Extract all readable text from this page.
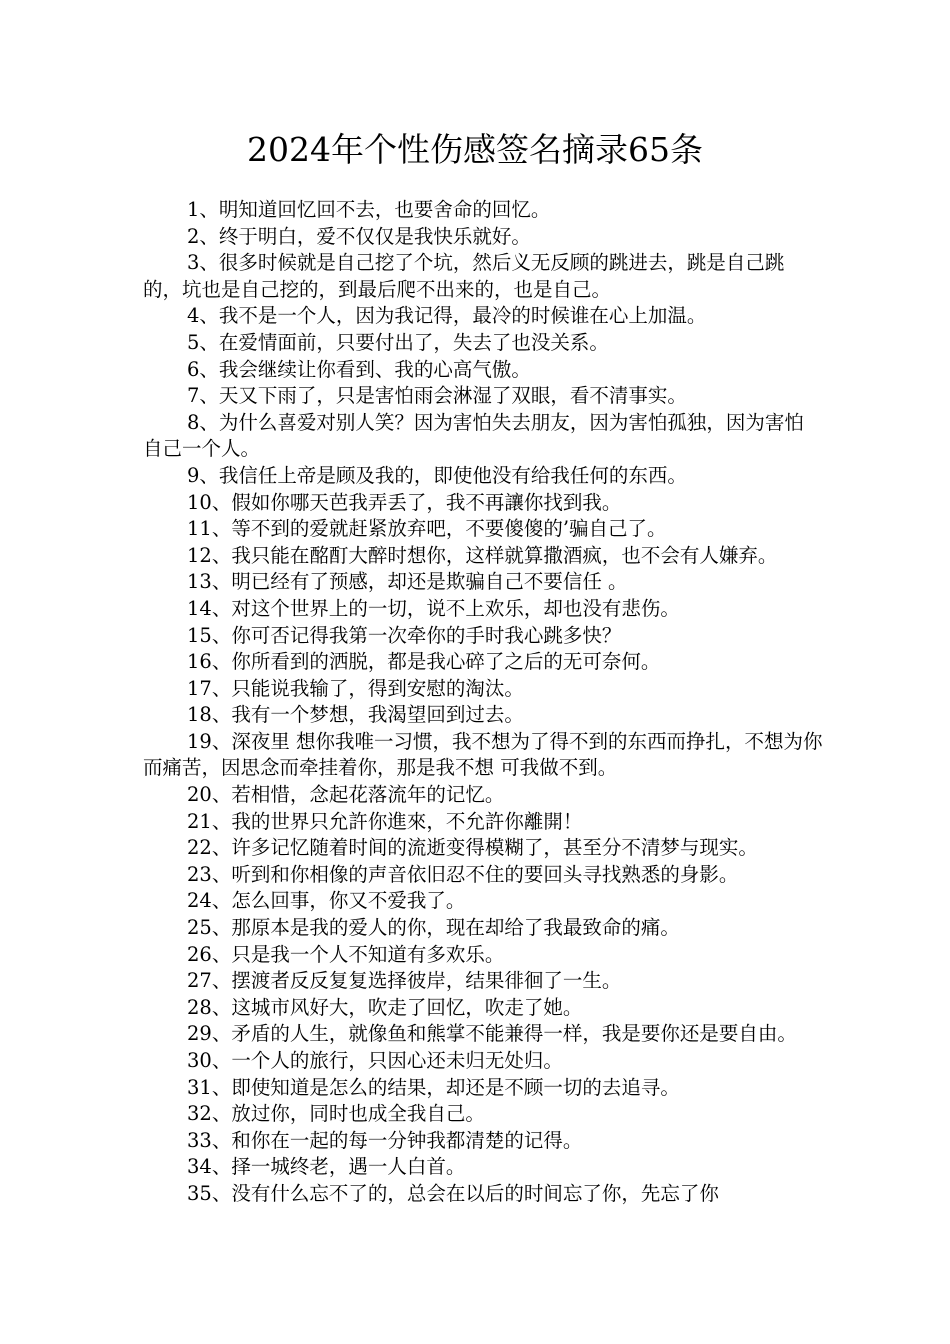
2024年个性伤感签名摘录65条

1、明知道回忆回不去，也要舍命的回忆。

2、终于明白，爱不仅仅是我快乐就好。

3、很多时候就是自己挖了个坑，然后义无反顾的跳进去，跳是自己跳的，坑也是自己挖的，到最后爬不出来的，也是自己。

4、我不是一个人，因为我记得，最冷的时候谁在心上加温。

5、在爱情面前，只要付出了，失去了也没关系。

6、我会继续让你看到、我的心高气傲。

7、天又下雨了，只是害怕雨会淋湿了双眼，看不清事实。

8、为什么喜爱对别人笑？因为害怕失去朋友，因为害怕孤独，因为害怕自己一个人。

9、我信任上帝是顾及我的，即使他没有给我任何的东西。

10、假如你哪天芭我弄丢了，我不再讓你找到我。

11、等不到的爱就赶紧放弃吧，不要傻傻的’骗自己了。

12、我只能在酩酊大醉时想你，这样就算撒酒疯，也不会有人嫌弃。

13、明已经有了预感，却还是欺骗自己不要信任 。

14、对这个世界上的一切，说不上欢乐，却也没有悲伤。

15、你可否记得我第一次牵你的手时我心跳多快？

16、你所看到的洒脱，都是我心碎了之后的无可奈何。

17、只能说我输了，得到安慰的淘汰。

18、我有一个梦想，我渴望回到过去。

19、深夜里 想你我唯一习惯，我不想为了得不到的东西而挣扎，不想为你而痛苦，因思念而牵挂着你，那是我不想 可我做不到。

20、若相惜，念起花落流年的记忆。

21、我的世界只允許你進來，不允許你離開！

22、许多记忆随着时间的流逝变得模糊了，甚至分不清梦与现实。

23、听到和你相像的声音依旧忍不住的要回头寻找熟悉的身影。

24、怎么回事，你又不爱我了。

25、那原本是我的爱人的你，现在却给了我最致命的痛。

26、只是我一个人不知道有多欢乐。

27、摆渡者反反复复选择彼岸，结果徘徊了一生。

28、这城市风好大，吹走了回忆，吹走了她。

29、矛盾的人生，就像鱼和熊掌不能兼得一样，我是要你还是要自由。

30、一个人的旅行，只因心还未归无处归。

31、即使知道是怎么的结果，却还是不顾一切的去追寻。

32、放过你，同时也成全我自己。

33、和你在一起的每一分钟我都清楚的记得。

34、择一城终老，遇一人白首。

35、没有什么忘不了的，总会在以后的时间忘了你，先忘了你
